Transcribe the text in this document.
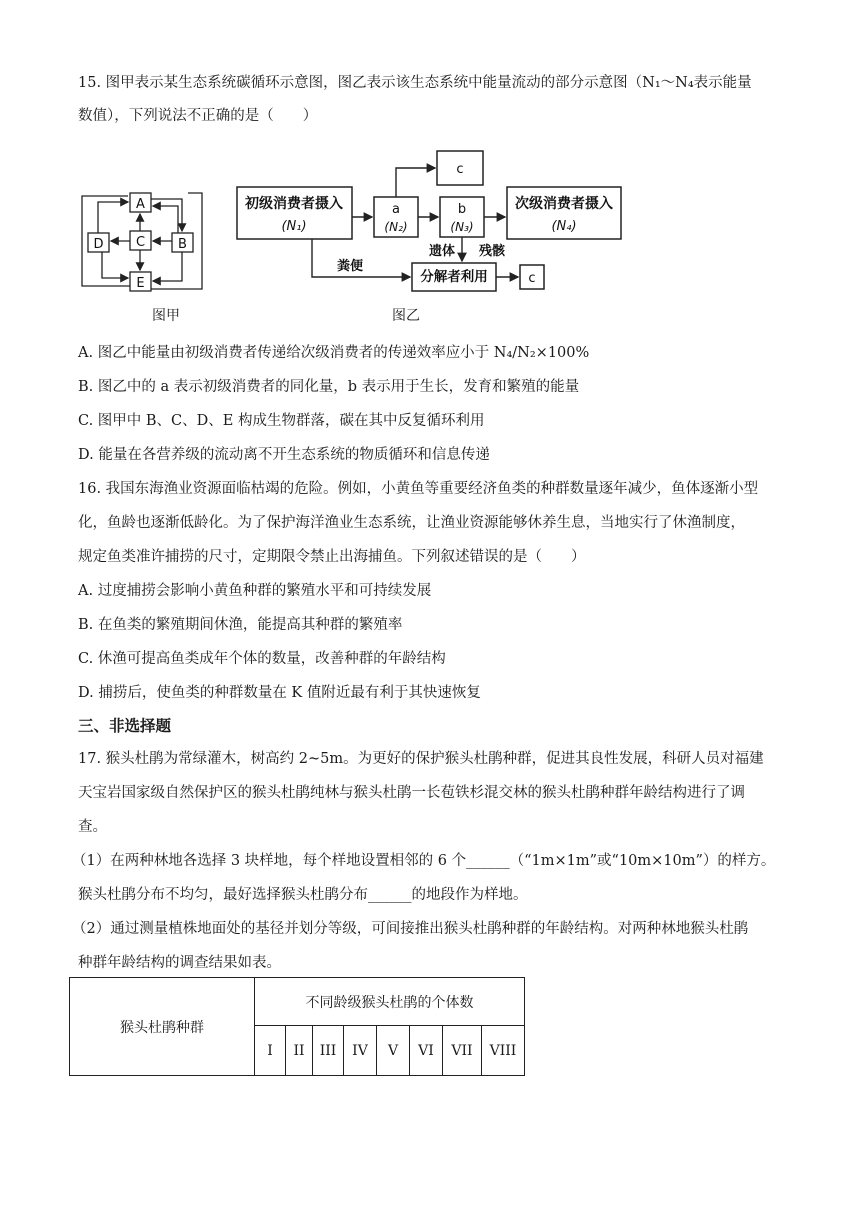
15. 图甲表示某生态系统碳循环示意图，图乙表示该生态系统中能量流动的部分示意图（N₁～N₄表示能量
数值），下列说法不正确的是（　　）
A
B
C
D
E
图甲
初级消费者摄入
(N₁)
a
(N₂)
b
(N₃)
次级消费者摄入
(N₄)
c
c
分解者利用
遗体 残骸
粪便
图乙
A. 图乙中能量由初级消费者传递给次级消费者的传递效率应小于 N₄/N₂×100%
B. 图乙中的 a 表示初级消费者的同化量，b 表示用于生长，发育和繁殖的能量
C. 图甲中 B、C、D、E 构成生物群落，碳在其中反复循环利用
D. 能量在各营养级的流动离不开生态系统的物质循环和信息传递
16. 我国东海渔业资源面临枯竭的危险。例如，小黄鱼等重要经济鱼类的种群数量逐年减少，鱼体逐渐小型
化，鱼龄也逐渐低龄化。为了保护海洋渔业生态系统，让渔业资源能够休养生息，当地实行了休渔制度，
规定鱼类准许捕捞的尺寸，定期限令禁止出海捕鱼。下列叙述错误的是（　　）
A. 过度捕捞会影响小黄鱼种群的繁殖水平和可持续发展
B. 在鱼类的繁殖期间休渔，能提高其种群的繁殖率
C. 休渔可提高鱼类成年个体的数量，改善种群的年龄结构
D. 捕捞后，使鱼类的种群数量在 K 值附近最有利于其快速恢复
三、非选择题
17. 猴头杜鹃为常绿灌木，树高约 2~5m。为更好的保护猴头杜鹃种群，促进其良性发展，科研人员对福建
天宝岩国家级自然保护区的猴头杜鹃纯林与猴头杜鹃一长苞铁杉混交林的猴头杜鹃种群年龄结构进行了调
查。
（1）在两种林地各选择 3 块样地，每个样地设置相邻的 6 个______（“1m×1m”或“10m×10m”）的样方。
猴头杜鹃分布不均匀，最好选择猴头杜鹃分布______的地段作为样地。
（2）通过测量植株地面处的基径并划分等级，可间接推出猴头杜鹃种群的年龄结构。对两种林地猴头杜鹃
种群年龄结构的调查结果如表。
猴头杜鹃种群	不同龄级猴头杜鹃的个体数							
	I	II	III	IV	V	VI	VII	VIII
